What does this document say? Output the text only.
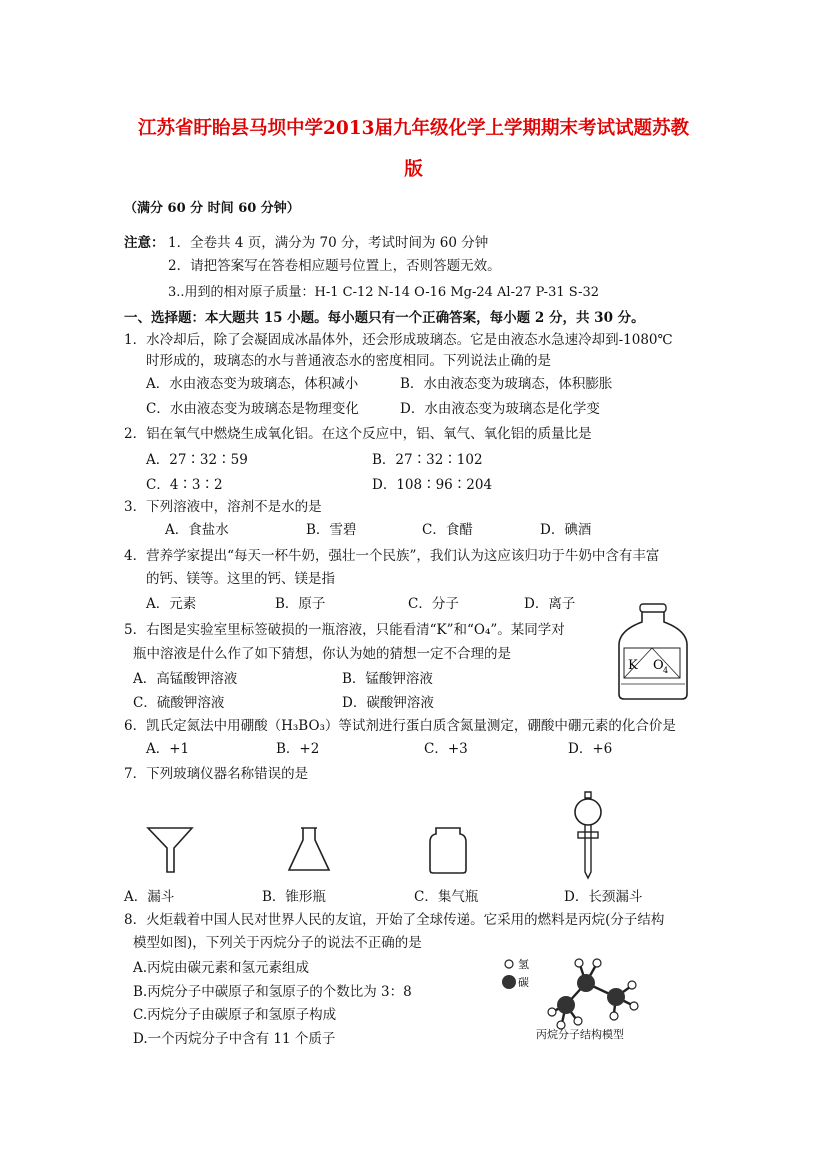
江苏省盱眙县马坝中学2013届九年级化学上学期期末考试试题苏教
版
（满分 60 分 时间 60 分钟）
注意： 1．全卷共 4 页，满分为 70 分，考试时间为 60 分钟
2．请把答案写在答卷相应题号位置上，否则答题无效。
3..用到的相对原子质量：H-1 C-12 N-14 O-16 Mg-24 Al-27 P-31 S-32
一、选择题：本大题共 15 小题。每小题只有一个正确答案，每小题 2 分，共 30 分。
1．水冷却后，除了会凝固成冰晶体外，还会形成玻璃态。它是由液态水急速冷却到-1080℃
时形成的，玻璃态的水与普通液态水的密度相同。下列说法止确的是
A．水由液态变为玻璃态，体积减小	B．水由液态变为玻璃态，体积膨胀
C．水由液态变为玻璃态是物理变化	D．水由液态变为玻璃态是化学变
2．铝在氧气中燃烧生成氧化铝。在这个反应中，铝、氧气、氧化铝的质量比是
A．27∶32∶59	B．27∶32∶102
C．4∶3∶2	D．108∶96∶204
3．下列溶液中，溶剂不是水的是
A．食盐水	B．雪碧	C．食醋	D．碘酒
4．营养学家提出“每天一杯牛奶，强壮一个民族”，我们认为这应该归功于牛奶中含有丰富
的钙、镁等。这里的钙、镁是指
A．元素	B．原子	C．分子	D．离子
5．右图是实验室里标签破损的一瓶溶液，只能看清“K”和“O₄”。某同学对
瓶中溶液是什么作了如下猜想，你认为她的猜想一定不合理的是
A．高锰酸钾溶液	B．锰酸钾溶液
C．硫酸钾溶液	D．碳酸钾溶液
K O 4
6．凯氏定氮法中用硼酸（H₃BO₃）等试剂进行蛋白质含氮量测定，硼酸中硼元素的化合价是
A．+1	B．+2	C．+3	D．+6
7．下列玻璃仪器名称错误的是
A．漏斗	B．锥形瓶	C．集气瓶	D．长颈漏斗
8．火炬载着中国人民对世界人民的友谊，开始了全球传递。它采用的燃料是丙烷(分子结构
模型如图)，下列关于丙烷分子的说法不正确的是
A.丙烷由碳元素和氢元素组成
B.丙烷分子中碳原子和氢原子的个数比为 3：8
C.丙烷分子由碳原子和氢原子构成
D.一个丙烷分子中含有 11 个质子
氢
碳
丙烷分子结构模型
